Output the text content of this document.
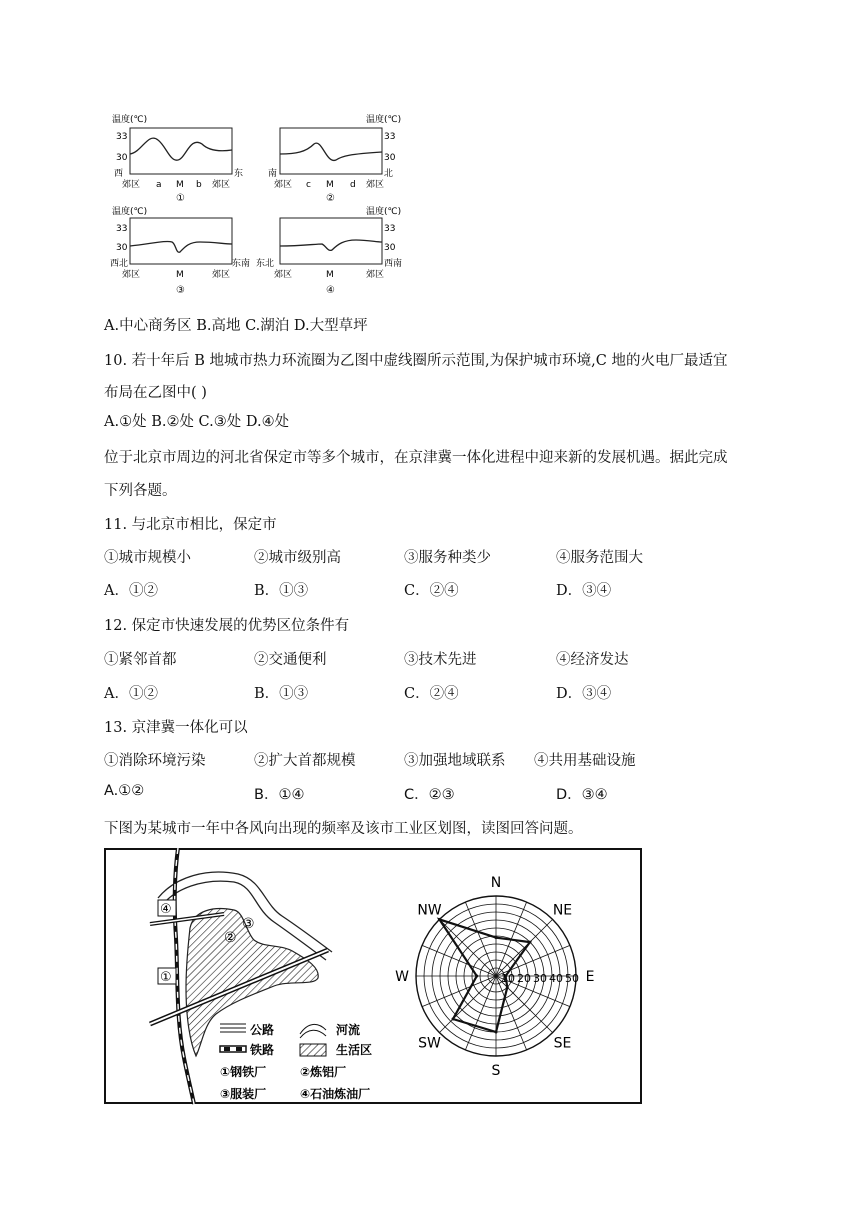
温度(℃)
33
30
西	东
郊区 a M b 郊区
①
温度(℃)
33
30
南	北
郊区 c M d 郊区
②
温度(℃)
33
30
西北	东南
郊区	M	郊区
③
温度(℃)
33
30
东北	西南
郊区	M	郊区
④
A.中心商务区 B.高地 C.湖泊 D.大型草坪
10. 若十年后 B 地城市热力环流圈为乙图中虚线圈所示范围,为保护城市环境,C 地的火电厂最适宜
布局在乙图中( )
A.①处 B.②处 C.③处 D.④处
位于北京市周边的河北省保定市等多个城市，在京津冀一体化进程中迎来新的发展机遇。据此完成
下列各题。
11. 与北京市相比，保定市
①城市规模小	②城市级别高	③服务种类少	④服务范围大
A．①②	B．①③	C．②④	D．③④
12. 保定市快速发展的优势区位条件有
①紧邻首都	②交通便利	③技术先进	④经济发达
A．①②	B．①③	C．②④	D．③④
13. 京津冀一体化可以
①消除环境污染	②扩大首都规模	③加强地域联系 ④共用基础设施
A.①②	B．①④	C．②③	D．③④
下图为某城市一年中各风向出现的频率及该市工业区划图，读图回答问题。
④
③
②
①
公路	河流
铁路	生活区
①钢铁厂	②炼铝厂
③服装厂	④石油炼油厂
N
NE
E
SE
S
SW
W
NW
10 20 30 40 50
